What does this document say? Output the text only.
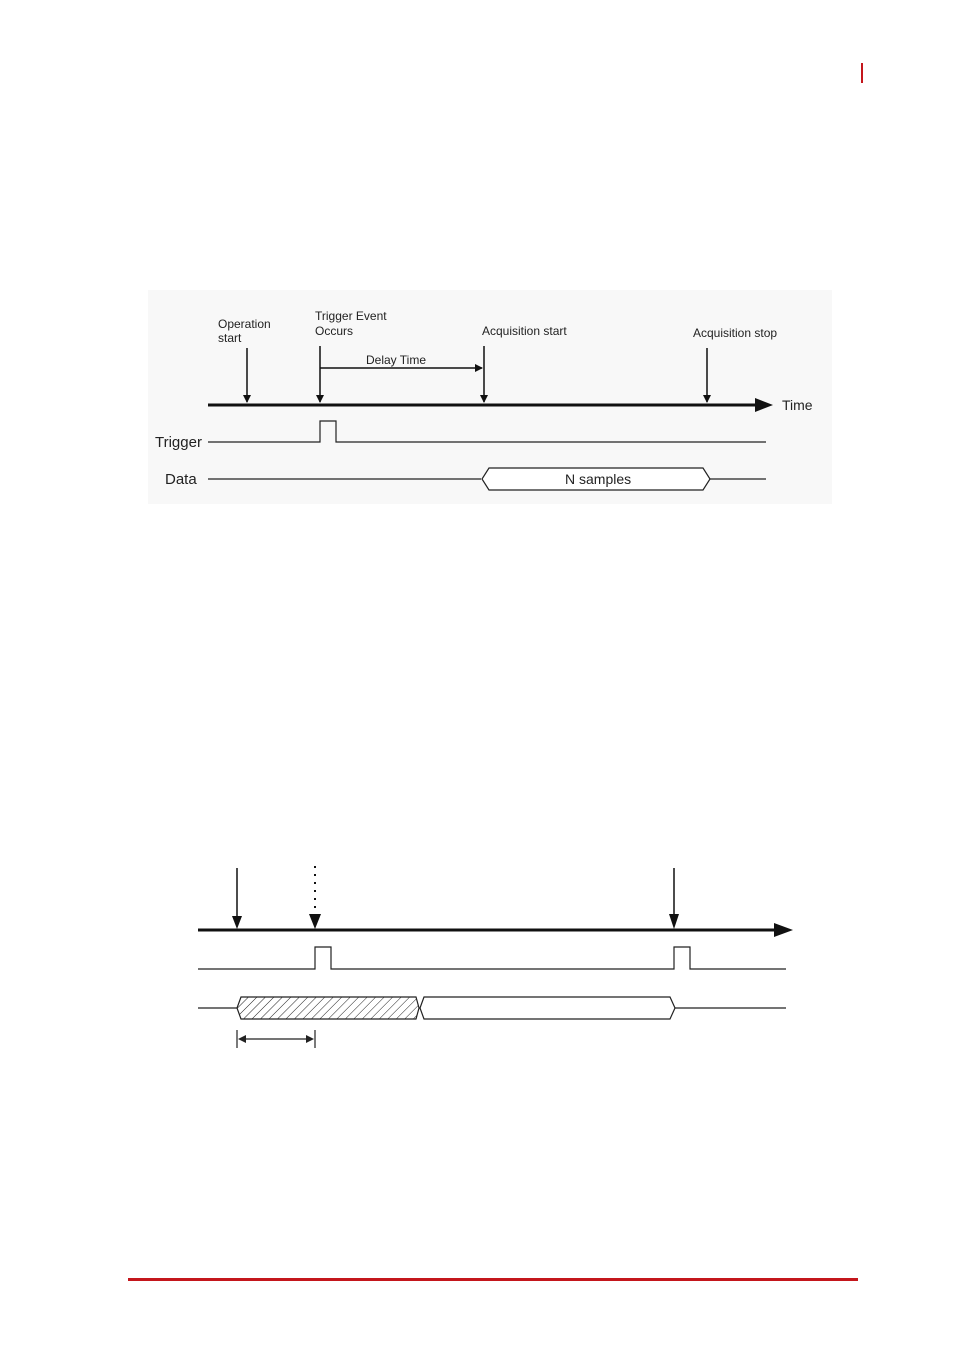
Time
Operation
start
Trigger Event
Occurs
Delay Time
Acquisition start	Acquisition stop
Trigger
Data	N samples
